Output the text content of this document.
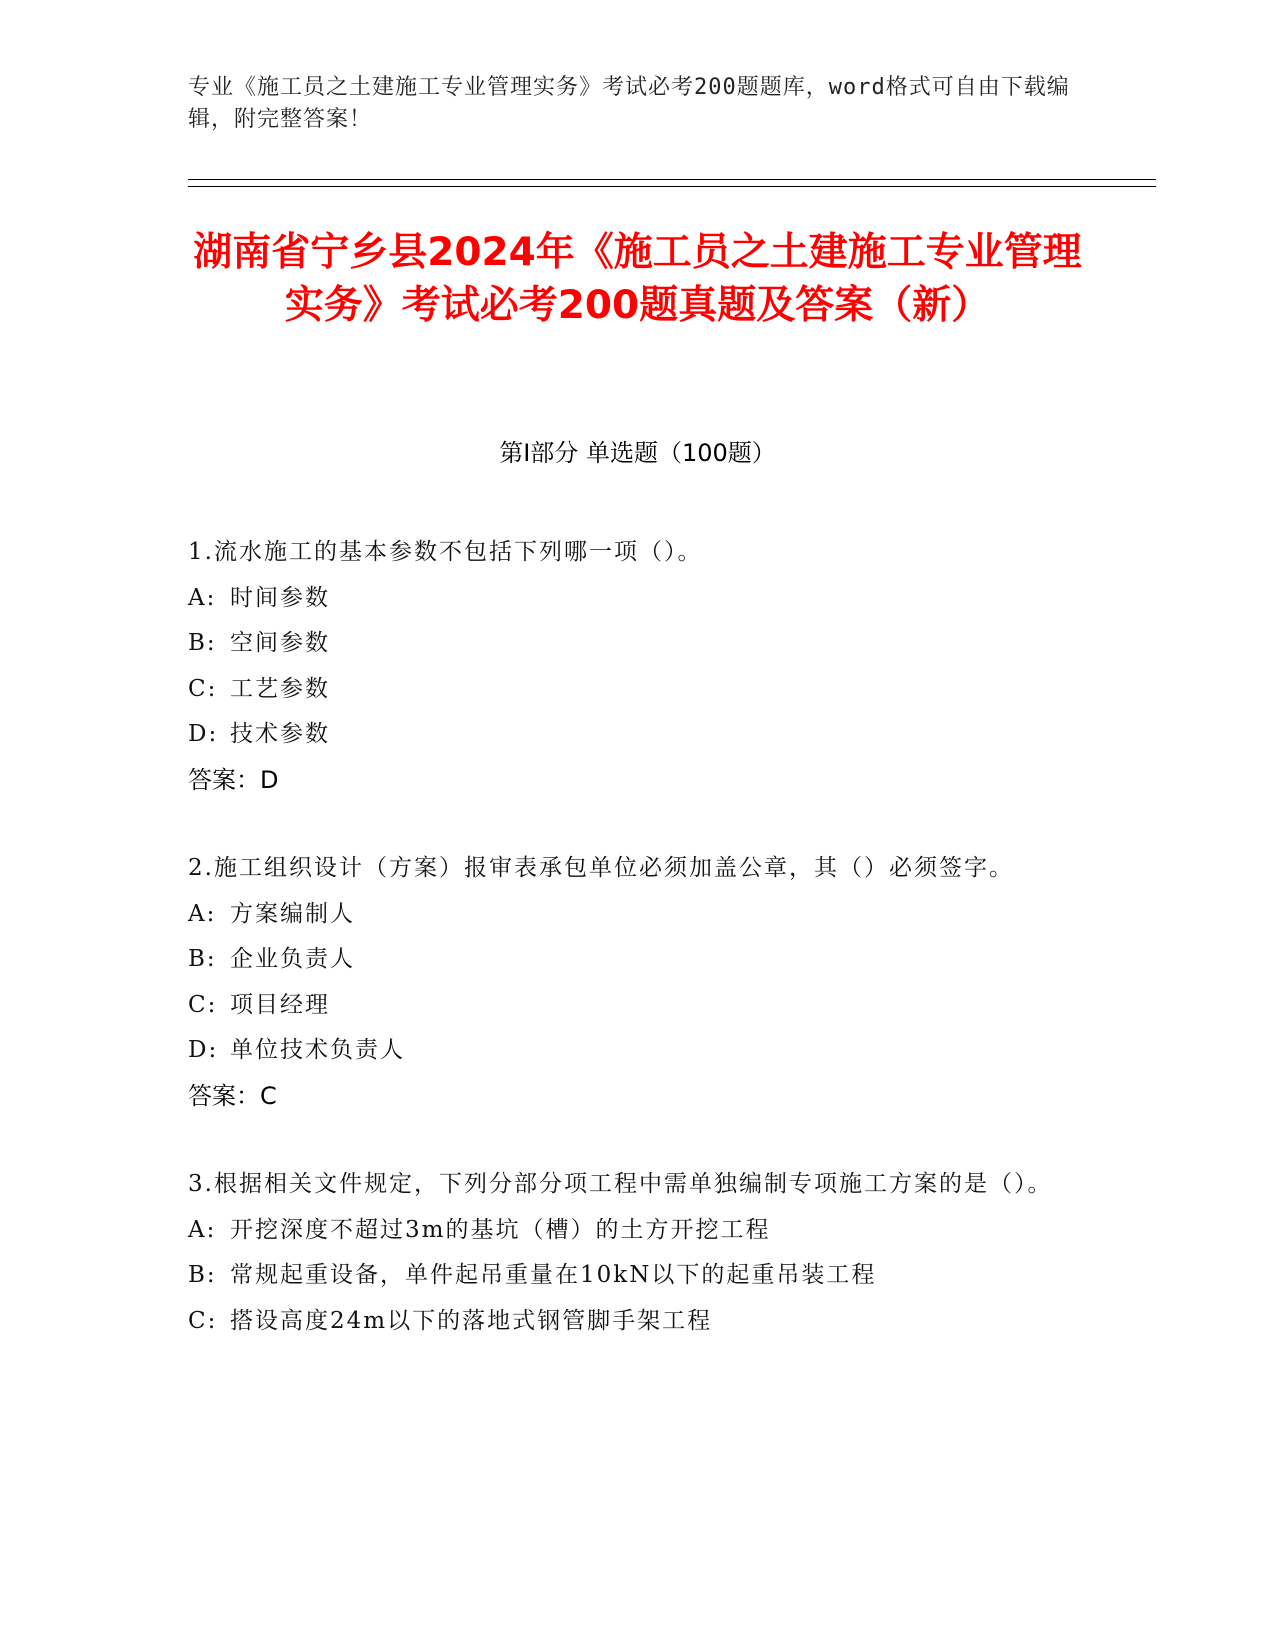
专业《施工员之土建施工专业管理实务》考试必考200题题库，word格式可自由下载编辑，附完整答案！
湖南省宁乡县2024年《施工员之土建施工专业管理实务》考试必考200题真题及答案（新）
第I部分 单选题（100题）
1.流水施工的基本参数不包括下列哪一项（）。
A: 时间参数
B: 空间参数
C: 工艺参数
D: 技术参数
答案：D
2.施工组织设计（方案）报审表承包单位必须加盖公章，其（）必须签字。
A: 方案编制人
B: 企业负责人
C: 项目经理
D: 单位技术负责人
答案：C
3.根据相关文件规定，下列分部分项工程中需单独编制专项施工方案的是（）。
A: 开挖深度不超过3m的基坑（槽）的土方开挖工程
B: 常规起重设备，单件起吊重量在10kN以下的起重吊装工程
C: 搭设高度24m以下的落地式钢管脚手架工程
